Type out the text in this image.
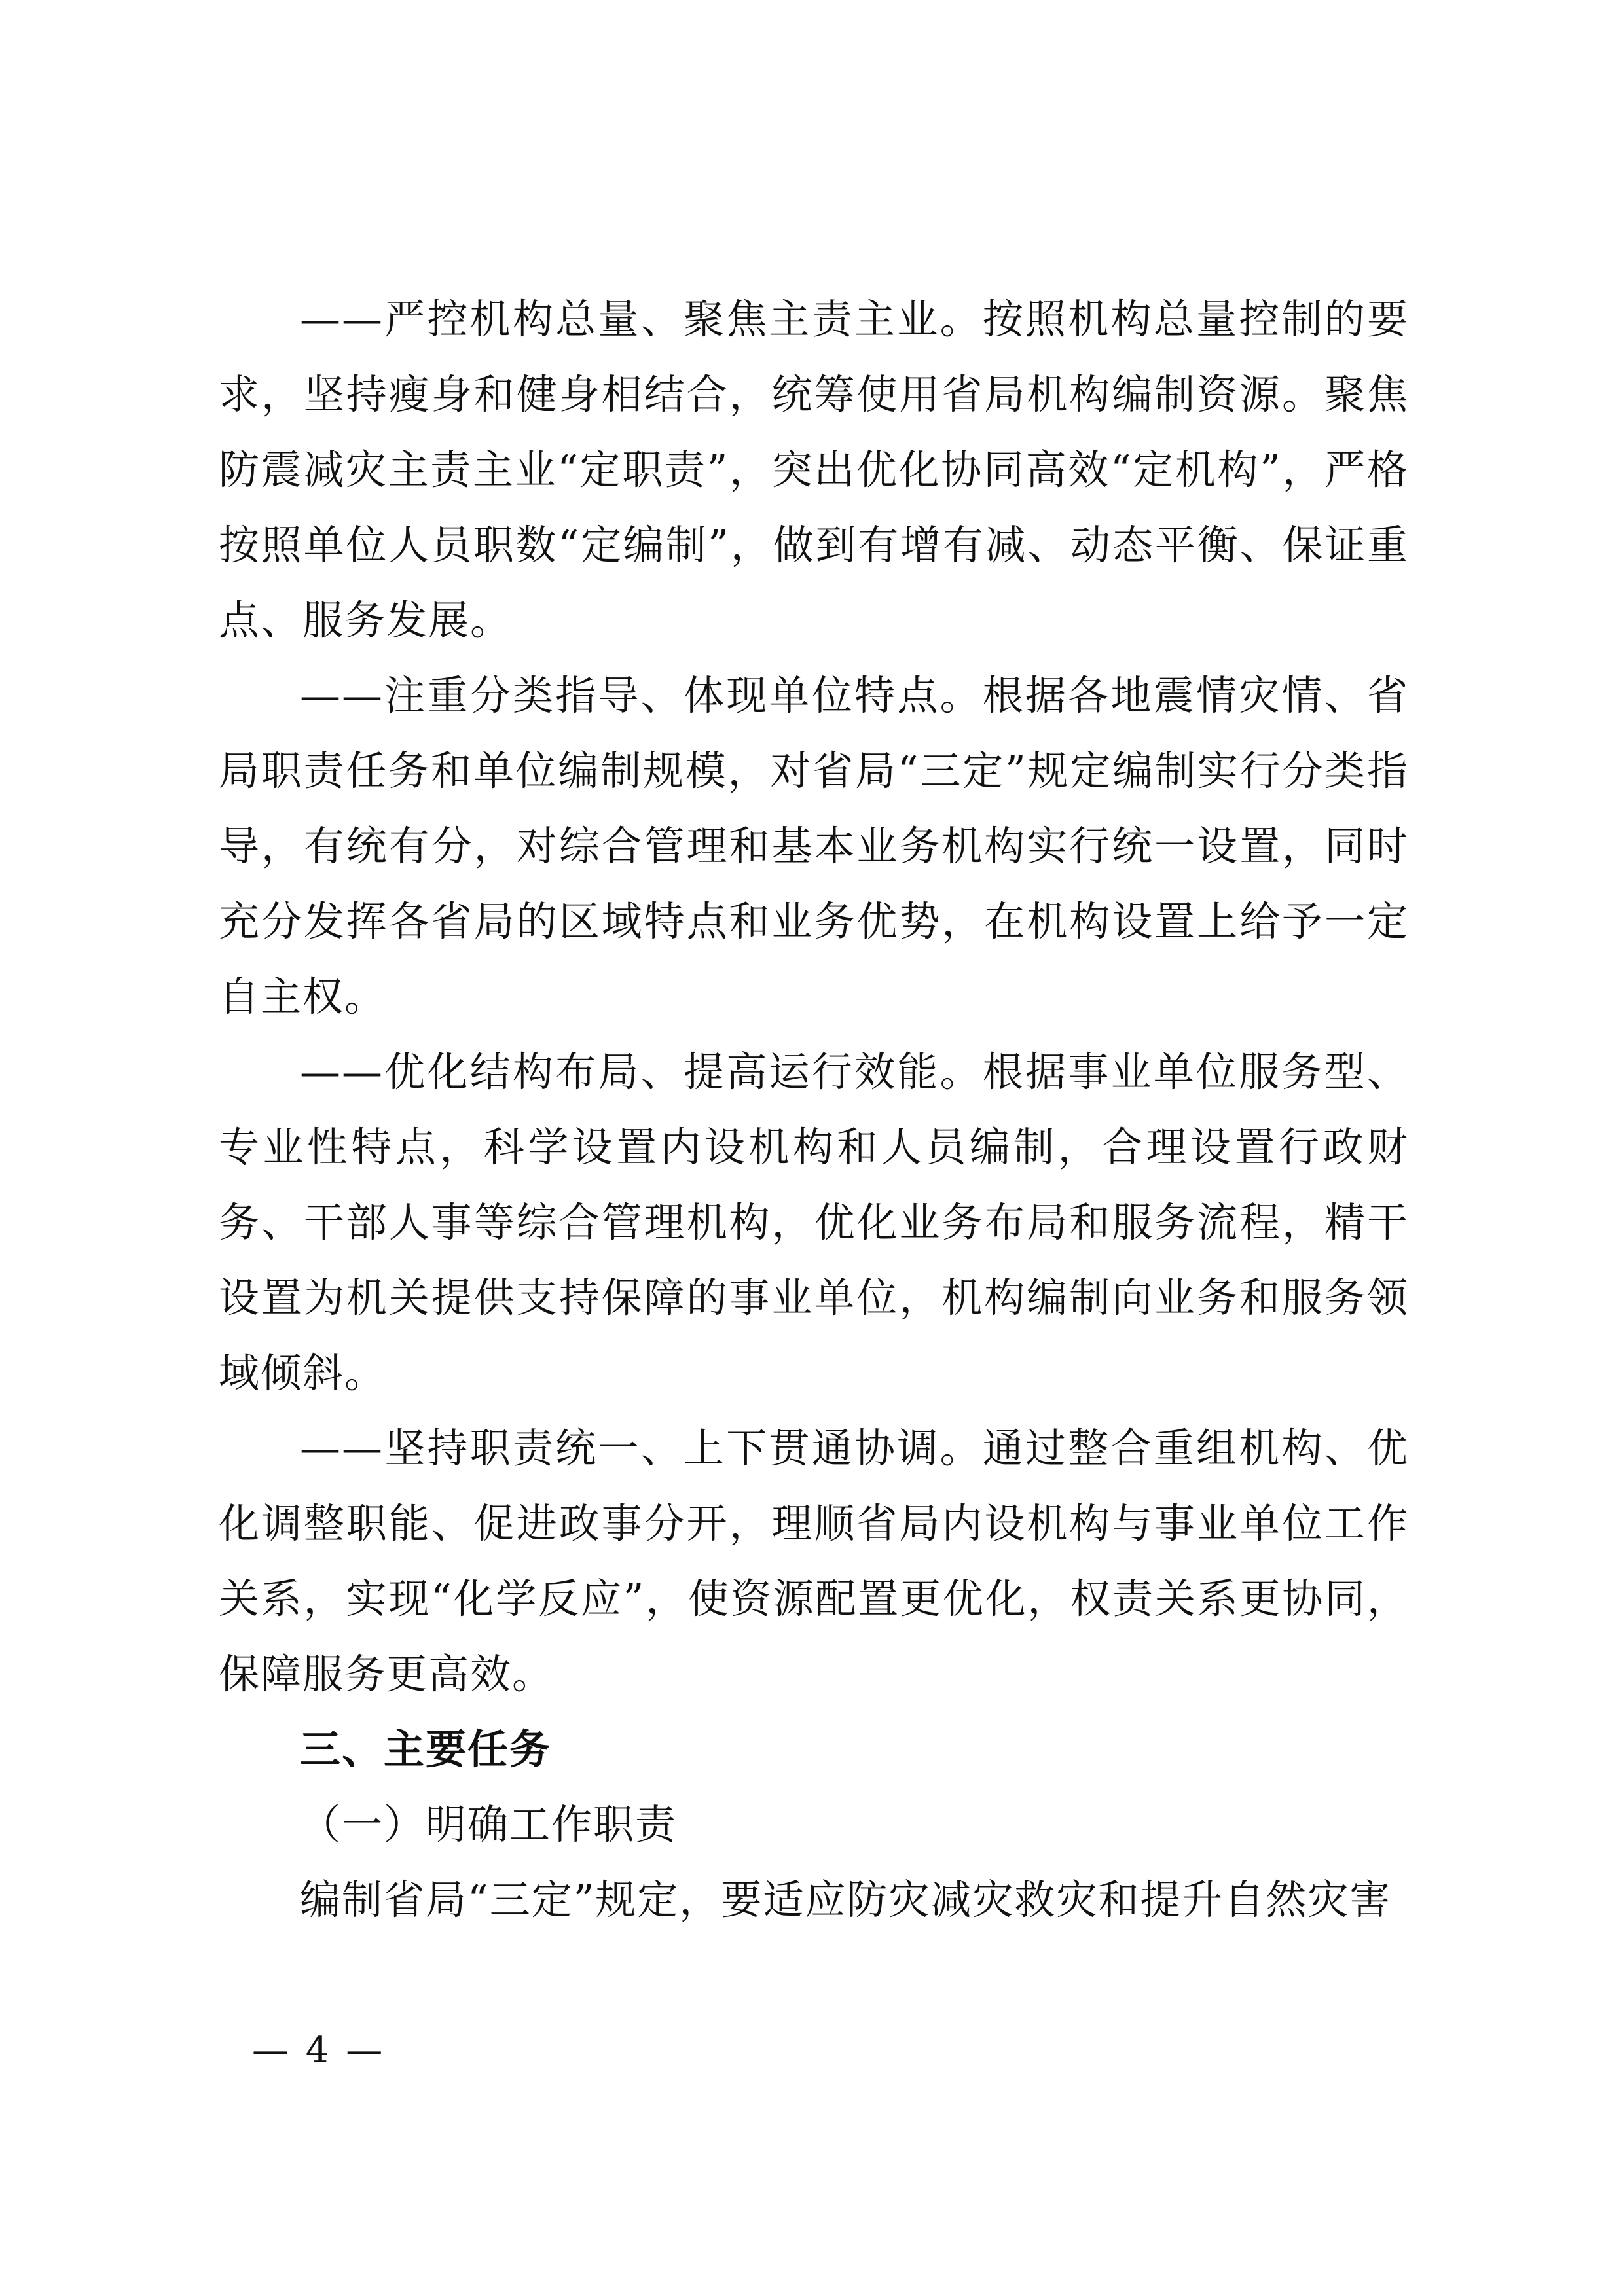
——严控机构总量、聚焦主责主业。按照机构总量控制的要求，坚持瘦身和健身相结合，统筹使用省局机构编制资源。聚焦防震减灾主责主业“定职责”，突出优化协同高效“定机构”，严格按照单位人员职数“定编制”，做到有增有减、动态平衡、保证重点、服务发展。

——注重分类指导、体现单位特点。根据各地震情灾情、省局职责任务和单位编制规模，对省局“三定”规定编制实行分类指导，有统有分，对综合管理和基本业务机构实行统一设置，同时充分发挥各省局的区域特点和业务优势，在机构设置上给予一定自主权。

——优化结构布局、提高运行效能。根据事业单位服务型、专业性特点，科学设置内设机构和人员编制，合理设置行政财务、干部人事等综合管理机构，优化业务布局和服务流程，精干设置为机关提供支持保障的事业单位，机构编制向业务和服务领域倾斜。

——坚持职责统一、上下贯通协调。通过整合重组机构、优化调整职能、促进政事分开，理顺省局内设机构与事业单位工作关系，实现“化学反应”，使资源配置更优化，权责关系更协同，保障服务更高效。

三、主要任务

（一）明确工作职责

编制省局“三定”规定，要适应防灾减灾救灾和提升自然灾害

— 4 —
